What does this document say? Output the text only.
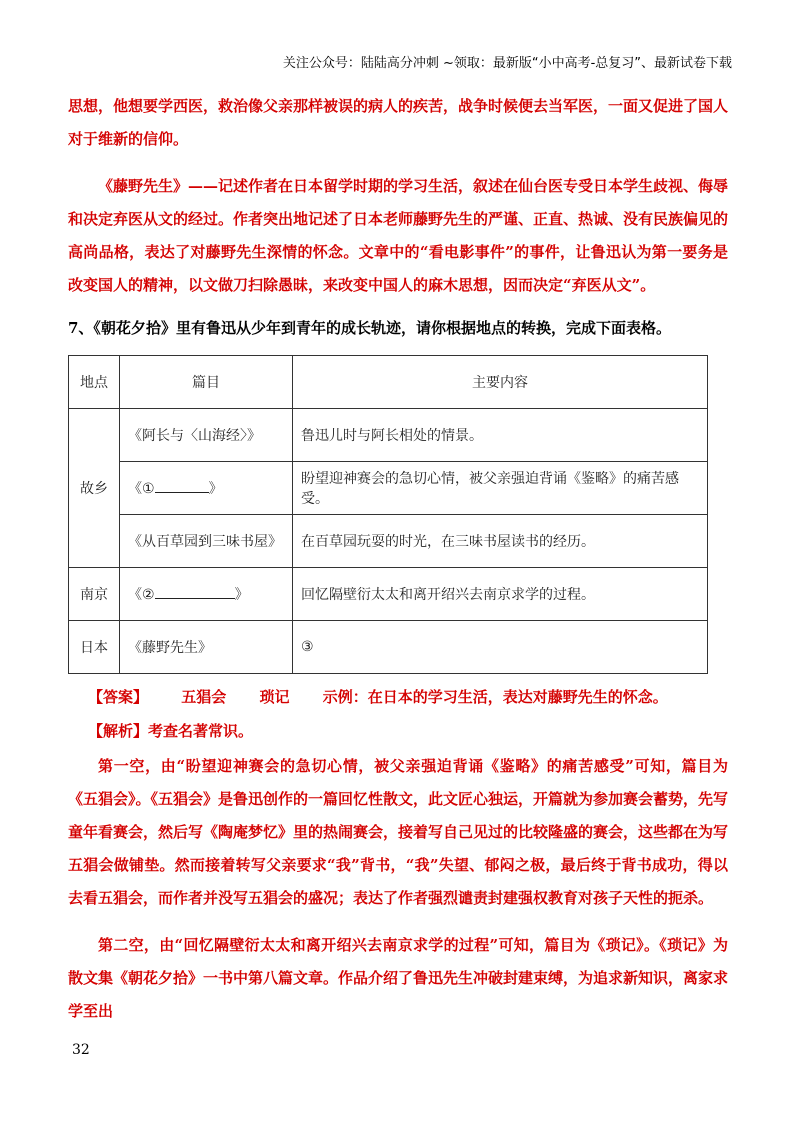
关注公众号：陆陆高分冲刺 ~领取：最新版“小中高考-总复习”、最新试卷下载

思想，他想要学西医，救治像父亲那样被误的病人的疾苦，战争时候便去当军医，一面又促进了国人对于维新的信仰。

《藤野先生》——记述作者在日本留学时期的学习生活，叙述在仙台医专受日本学生歧视、侮辱和决定弃医从文的经过。作者突出地记述了日本老师藤野先生的严谨、正直、热诚、没有民族偏见的高尚品格，表达了对藤野先生深情的怀念。文章中的“看电影事件”的事件，让鲁迅认为第一要务是改变国人的精神，以文做刀扫除愚昧，来改变中国人的麻木思想，因而决定“弃医从文”。

7、《朝花夕拾》里有鲁迅从少年到青年的成长轨迹，请你根据地点的转换，完成下面表格。

地点	篇目	主要内容
故乡	《阿长与〈山海经〉》	鲁迅儿时与阿长相处的情景。
	《① 》	盼望迎神赛会的急切心情，被父亲强迫背诵《鉴略》的痛苦感受。
	《从百草园到三味书屋》	在百草园玩耍的时光，在三味书屋读书的经历。
南京	《② 》	回忆隔壁衍太太和离开绍兴去南京求学的过程。
日本	《藤野先生》	③
【答案】 五猖会 琐记 示例：在日本的学习生活，表达对藤野先生的怀念。
【解析】考查名著常识。

第一空，由“盼望迎神赛会的急切心情，被父亲强迫背诵《鉴略》的痛苦感受”可知，篇目为《五猖会》。《五猖会》是鲁迅创作的一篇回忆性散文，此文匠心独运，开篇就为参加赛会蓄势，先写童年看赛会，然后写《陶庵梦忆》里的热闹赛会，接着写自己见过的比较隆盛的赛会，这些都在为写五猖会做铺垫。然而接着转写父亲要求“我”背书，“我”失望、郁闷之极，最后终于背书成功，得以去看五猖会，而作者并没写五猖会的盛况；表达了作者强烈谴责封建强权教育对孩子天性的扼杀。

第二空，由“回忆隔壁衍太太和离开绍兴去南京求学的过程”可知，篇目为《琐记》。《琐记》为散文集《朝花夕拾》一书中第八篇文章。作品介绍了鲁迅先生冲破封建束缚，为追求新知识，离家求学至出

32
